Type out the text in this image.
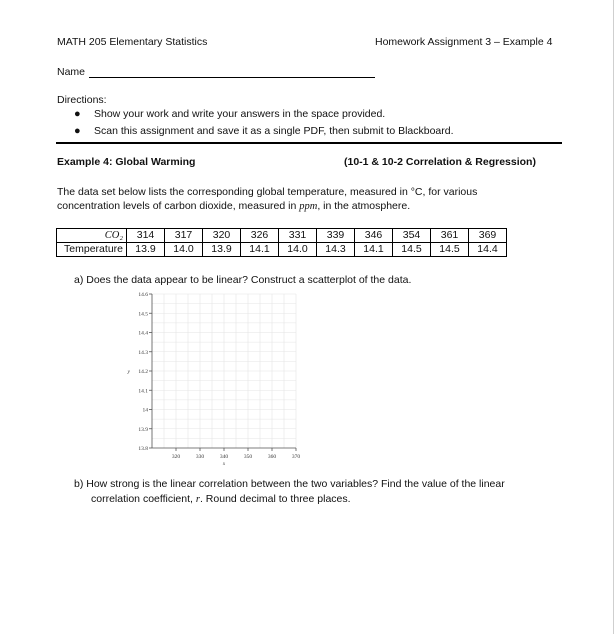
MATH 205 Elementary Statistics	Homework Assignment 3 – Example 4
Name
Directions:
● Show your work and write your answers in the space provided.
● Scan this assignment and save it as a single PDF, then submit to Blackboard.
Example 4: Global Warming	(10-1 & 10-2 Correlation & Regression)
The data set below lists the corresponding global temperature, measured in °C, for various
concentration levels of carbon dioxide, measured in ppm, in the atmosphere.
CO₂	314	317	320	326	331	339	346	354	361	369
Temperature	13.9	14.0	13.9	14.1	14.0	14.3	14.1	14.5	14.5	14.4
a) Does the data appear to be linear? Construct a scatterplot of the data.
13.8
13.9
14
14.1
14.2
14.3
14.4
14.5
14.6
320	330	340	350	360	370
x
y
b) How strong is the linear correlation between the two variables? Find the value of the linear
correlation coefficient, r. Round decimal to three places.
